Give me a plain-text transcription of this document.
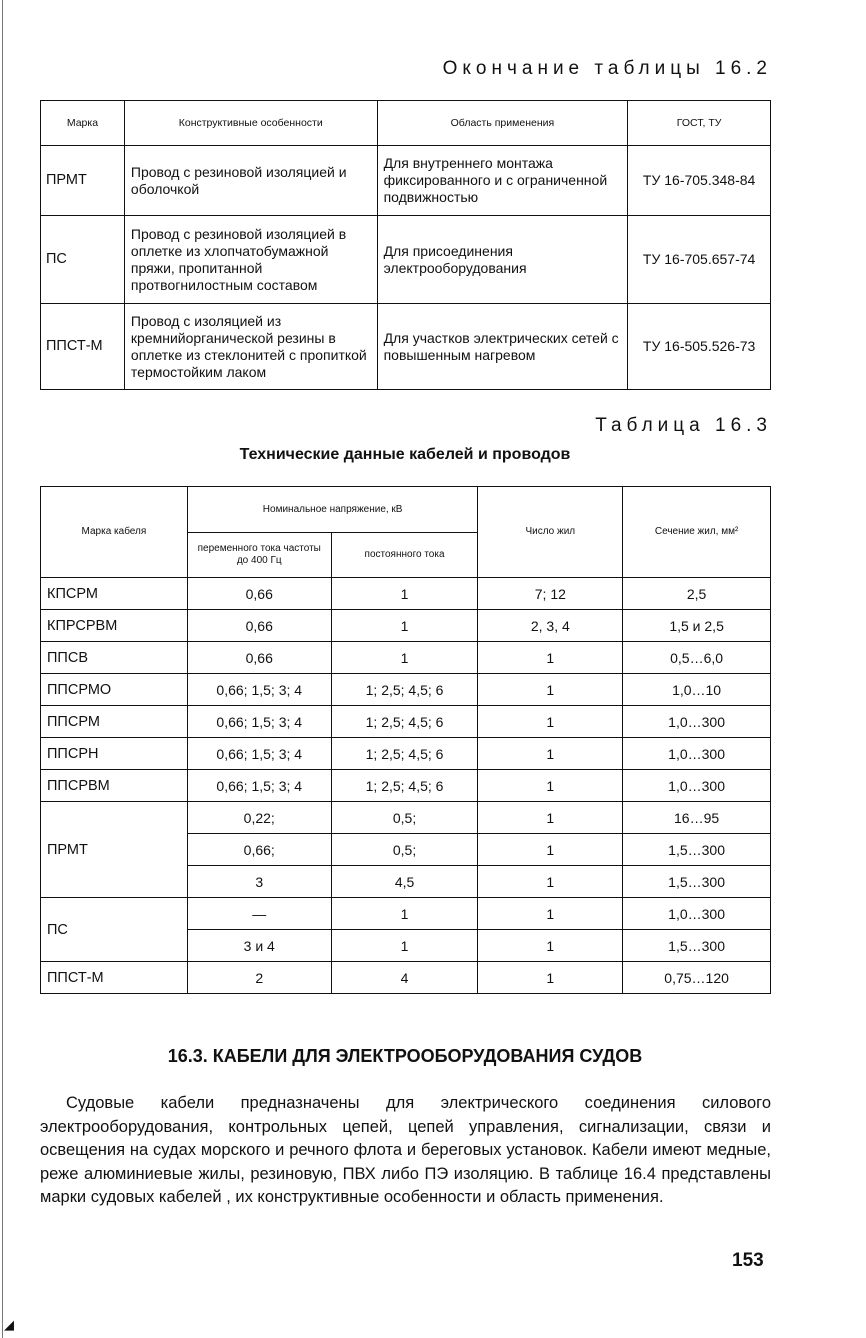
Окончание таблицы 16.2
Марка	Конструктивные особенности	Область применения	ГОСТ, ТУ
ПРМТ	Провод с резиновой изоляцией и оболочкой	Для внутреннего монтажа фиксированного и с ограниченной подвижностью	ТУ 16-705.348-84
ПС	Провод с резиновой изоляцией в оплетке из хлопчатобумажной пряжи, пропитанной протвогнилостным составом	Для присоединения электрооборудования	ТУ 16-705.657-74
ППСТ-М	Провод с изоляцией из кремнийорганической резины в оплетке из стеклонитей с пропиткой термостойким лаком	Для участков электрических сетей с повышенным нагревом	ТУ 16-505.526-73
Таблица 16.3
Технические данные кабелей и проводов
Марка кабеля	Номинальное напряжение, кВ		Число жил	Сечение жил, мм²
	переменного тока частоты до 400 Гц	постоянного тока		
КПСРМ	0,66	1	7; 12	2,5
КПРСРВМ	0,66	1	2, 3, 4	1,5 и 2,5
ППСВ	0,66	1	1	0,5…6,0
ППСРМО	0,66; 1,5; 3; 4	1; 2,5; 4,5; 6	1	1,0…10
ППСРМ	0,66; 1,5; 3; 4	1; 2,5; 4,5; 6	1	1,0…300
ППСРН	0,66; 1,5; 3; 4	1; 2,5; 4,5; 6	1	1,0…300
ППСРВМ	0,66; 1,5; 3; 4	1; 2,5; 4,5; 6	1	1,0…300
ПРМТ	0,22;	0,5;	1	16…95
	0,66;	0,5;	1	1,5…300
	3	4,5	1	1,5…300
ПС	—	1	1	1,0…300
	3 и 4	1	1	1,5…300
ППСТ-М	2	4	1	0,75…120
16.3. КАБЕЛИ ДЛЯ ЭЛЕКТРООБОРУДОВАНИЯ СУДОВ
Судовые кабели предназначены для электрического соединения силового электрооборудования, контрольных цепей, цепей управления, сигнализации, связи и освещения на судах морского и речного флота и береговых установок. Кабели имеют медные, реже алюминиевые жилы, резиновую, ПВХ либо ПЭ изоляцию. В таблице 16.4 представлены марки судовых кабелей , их конструктивные особенности и область применения.
153
◢
